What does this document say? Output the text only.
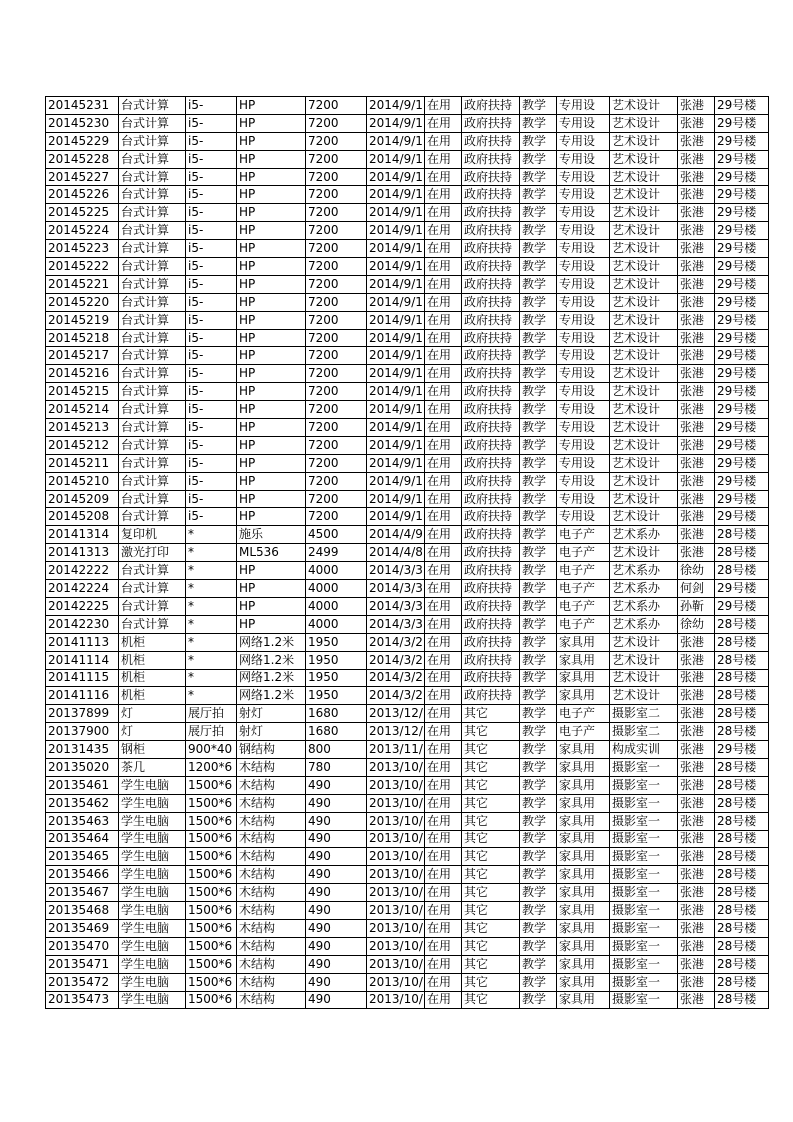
20145231	台式计算	i5-	HP	7200	2014/9/1	在用	政府扶持	教学	专用设	艺术设计	张港	29号楼
20145230	台式计算	i5-	HP	7200	2014/9/1	在用	政府扶持	教学	专用设	艺术设计	张港	29号楼
20145229	台式计算	i5-	HP	7200	2014/9/1	在用	政府扶持	教学	专用设	艺术设计	张港	29号楼
20145228	台式计算	i5-	HP	7200	2014/9/1	在用	政府扶持	教学	专用设	艺术设计	张港	29号楼
20145227	台式计算	i5-	HP	7200	2014/9/1	在用	政府扶持	教学	专用设	艺术设计	张港	29号楼
20145226	台式计算	i5-	HP	7200	2014/9/1	在用	政府扶持	教学	专用设	艺术设计	张港	29号楼
20145225	台式计算	i5-	HP	7200	2014/9/1	在用	政府扶持	教学	专用设	艺术设计	张港	29号楼
20145224	台式计算	i5-	HP	7200	2014/9/1	在用	政府扶持	教学	专用设	艺术设计	张港	29号楼
20145223	台式计算	i5-	HP	7200	2014/9/1	在用	政府扶持	教学	专用设	艺术设计	张港	29号楼
20145222	台式计算	i5-	HP	7200	2014/9/1	在用	政府扶持	教学	专用设	艺术设计	张港	29号楼
20145221	台式计算	i5-	HP	7200	2014/9/1	在用	政府扶持	教学	专用设	艺术设计	张港	29号楼
20145220	台式计算	i5-	HP	7200	2014/9/1	在用	政府扶持	教学	专用设	艺术设计	张港	29号楼
20145219	台式计算	i5-	HP	7200	2014/9/1	在用	政府扶持	教学	专用设	艺术设计	张港	29号楼
20145218	台式计算	i5-	HP	7200	2014/9/1	在用	政府扶持	教学	专用设	艺术设计	张港	29号楼
20145217	台式计算	i5-	HP	7200	2014/9/1	在用	政府扶持	教学	专用设	艺术设计	张港	29号楼
20145216	台式计算	i5-	HP	7200	2014/9/1	在用	政府扶持	教学	专用设	艺术设计	张港	29号楼
20145215	台式计算	i5-	HP	7200	2014/9/1	在用	政府扶持	教学	专用设	艺术设计	张港	29号楼
20145214	台式计算	i5-	HP	7200	2014/9/1	在用	政府扶持	教学	专用设	艺术设计	张港	29号楼
20145213	台式计算	i5-	HP	7200	2014/9/1	在用	政府扶持	教学	专用设	艺术设计	张港	29号楼
20145212	台式计算	i5-	HP	7200	2014/9/1	在用	政府扶持	教学	专用设	艺术设计	张港	29号楼
20145211	台式计算	i5-	HP	7200	2014/9/1	在用	政府扶持	教学	专用设	艺术设计	张港	29号楼
20145210	台式计算	i5-	HP	7200	2014/9/1	在用	政府扶持	教学	专用设	艺术设计	张港	29号楼
20145209	台式计算	i5-	HP	7200	2014/9/1	在用	政府扶持	教学	专用设	艺术设计	张港	29号楼
20145208	台式计算	i5-	HP	7200	2014/9/1	在用	政府扶持	教学	专用设	艺术设计	张港	29号楼
20141314	复印机	*	施乐	4500	2014/4/9	在用	政府扶持	教学	电子产	艺术系办	张港	28号楼
20141313	激光打印	*	ML536	2499	2014/4/8	在用	政府扶持	教学	电子产	艺术设计	张港	28号楼
20142222	台式计算	*	HP	4000	2014/3/3	在用	政府扶持	教学	电子产	艺术系办	徐幼	28号楼
20142224	台式计算	*	HP	4000	2014/3/3	在用	政府扶持	教学	电子产	艺术系办	何剑	29号楼
20142225	台式计算	*	HP	4000	2014/3/3	在用	政府扶持	教学	电子产	艺术系办	孙靳	29号楼
20142230	台式计算	*	HP	4000	2014/3/3	在用	政府扶持	教学	电子产	艺术系办	徐幼	28号楼
20141113	机柜	*	网络1.2米	1950	2014/3/2	在用	政府扶持	教学	家具用	艺术设计	张港	28号楼
20141114	机柜	*	网络1.2米	1950	2014/3/2	在用	政府扶持	教学	家具用	艺术设计	张港	28号楼
20141115	机柜	*	网络1.2米	1950	2014/3/2	在用	政府扶持	教学	家具用	艺术设计	张港	28号楼
20141116	机柜	*	网络1.2米	1950	2014/3/2	在用	政府扶持	教学	家具用	艺术设计	张港	28号楼
20137899	灯	展厅拍	射灯	1680	2013/12/	在用	其它	教学	电子产	摄影室二	张港	28号楼
20137900	灯	展厅拍	射灯	1680	2013/12/	在用	其它	教学	电子产	摄影室二	张港	28号楼
20131435	钢柜	900*40	钢结构	800	2013/11/	在用	其它	教学	家具用	构成实训	张港	29号楼
20135020	茶几	1200*6	木结构	780	2013/10/	在用	其它	教学	家具用	摄影室一	张港	28号楼
20135461	学生电脑	1500*6	木结构	490	2013/10/	在用	其它	教学	家具用	摄影室一	张港	28号楼
20135462	学生电脑	1500*6	木结构	490	2013/10/	在用	其它	教学	家具用	摄影室一	张港	28号楼
20135463	学生电脑	1500*6	木结构	490	2013/10/	在用	其它	教学	家具用	摄影室一	张港	28号楼
20135464	学生电脑	1500*6	木结构	490	2013/10/	在用	其它	教学	家具用	摄影室一	张港	28号楼
20135465	学生电脑	1500*6	木结构	490	2013/10/	在用	其它	教学	家具用	摄影室一	张港	28号楼
20135466	学生电脑	1500*6	木结构	490	2013/10/	在用	其它	教学	家具用	摄影室一	张港	28号楼
20135467	学生电脑	1500*6	木结构	490	2013/10/	在用	其它	教学	家具用	摄影室一	张港	28号楼
20135468	学生电脑	1500*6	木结构	490	2013/10/	在用	其它	教学	家具用	摄影室一	张港	28号楼
20135469	学生电脑	1500*6	木结构	490	2013/10/	在用	其它	教学	家具用	摄影室一	张港	28号楼
20135470	学生电脑	1500*6	木结构	490	2013/10/	在用	其它	教学	家具用	摄影室一	张港	28号楼
20135471	学生电脑	1500*6	木结构	490	2013/10/	在用	其它	教学	家具用	摄影室一	张港	28号楼
20135472	学生电脑	1500*6	木结构	490	2013/10/	在用	其它	教学	家具用	摄影室一	张港	28号楼
20135473	学生电脑	1500*6	木结构	490	2013/10/	在用	其它	教学	家具用	摄影室一	张港	28号楼
